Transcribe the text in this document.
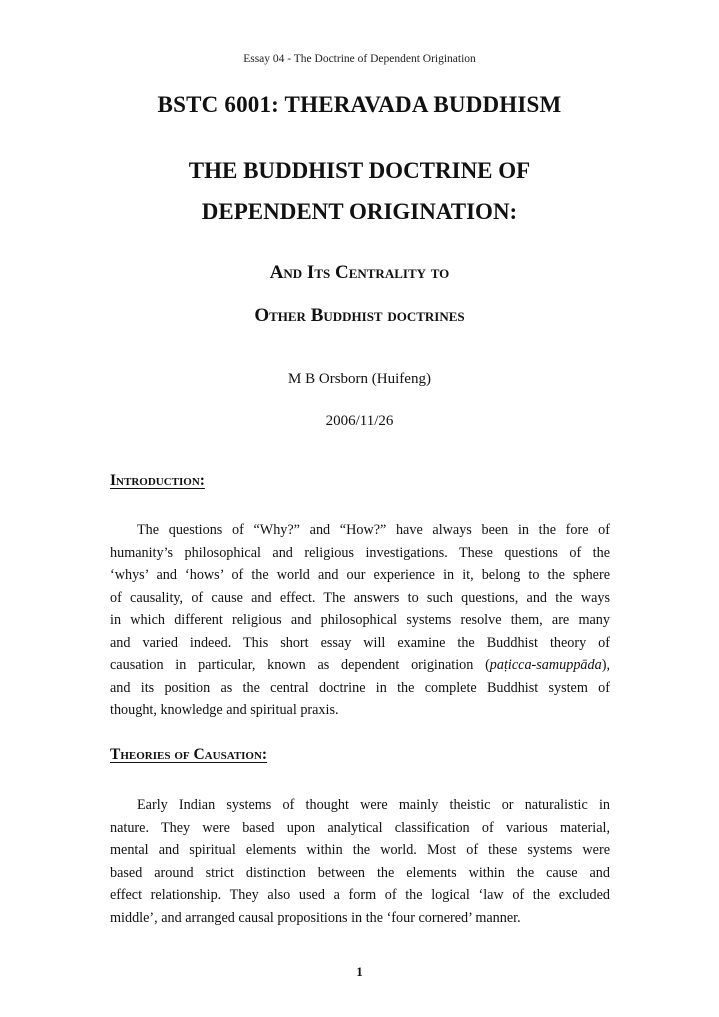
Essay 04 - The Doctrine of Dependent Origination
BSTC 6001: THERAVADA BUDDHISM
THE BUDDHIST DOCTRINE OF
DEPENDENT ORIGINATION:
And Its Centrality to
Other Buddhist doctrines
M B Orsborn (Huifeng)
2006/11/26
Introduction:
The questions of “Why?” and “How?” have always been in the fore of
humanity’s philosophical and religious investigations. These questions of the
‘whys’ and ‘hows’ of the world and our experience in it, belong to the sphere
of causality, of cause and effect. The answers to such questions, and the ways
in which different religious and philosophical systems resolve them, are many
and varied indeed. This short essay will examine the Buddhist theory of
causation in particular, known as dependent origination (paṭicca-samuppāda),
and its position as the central doctrine in the complete Buddhist system of
thought, knowledge and spiritual praxis.
Theories of Causation:
Early Indian systems of thought were mainly theistic or naturalistic in
nature. They were based upon analytical classification of various material,
mental and spiritual elements within the world. Most of these systems were
based around strict distinction between the elements within the cause and
effect relationship. They also used a form of the logical ‘law of the excluded
middle’, and arranged causal propositions in the ‘four cornered’ manner.
1
